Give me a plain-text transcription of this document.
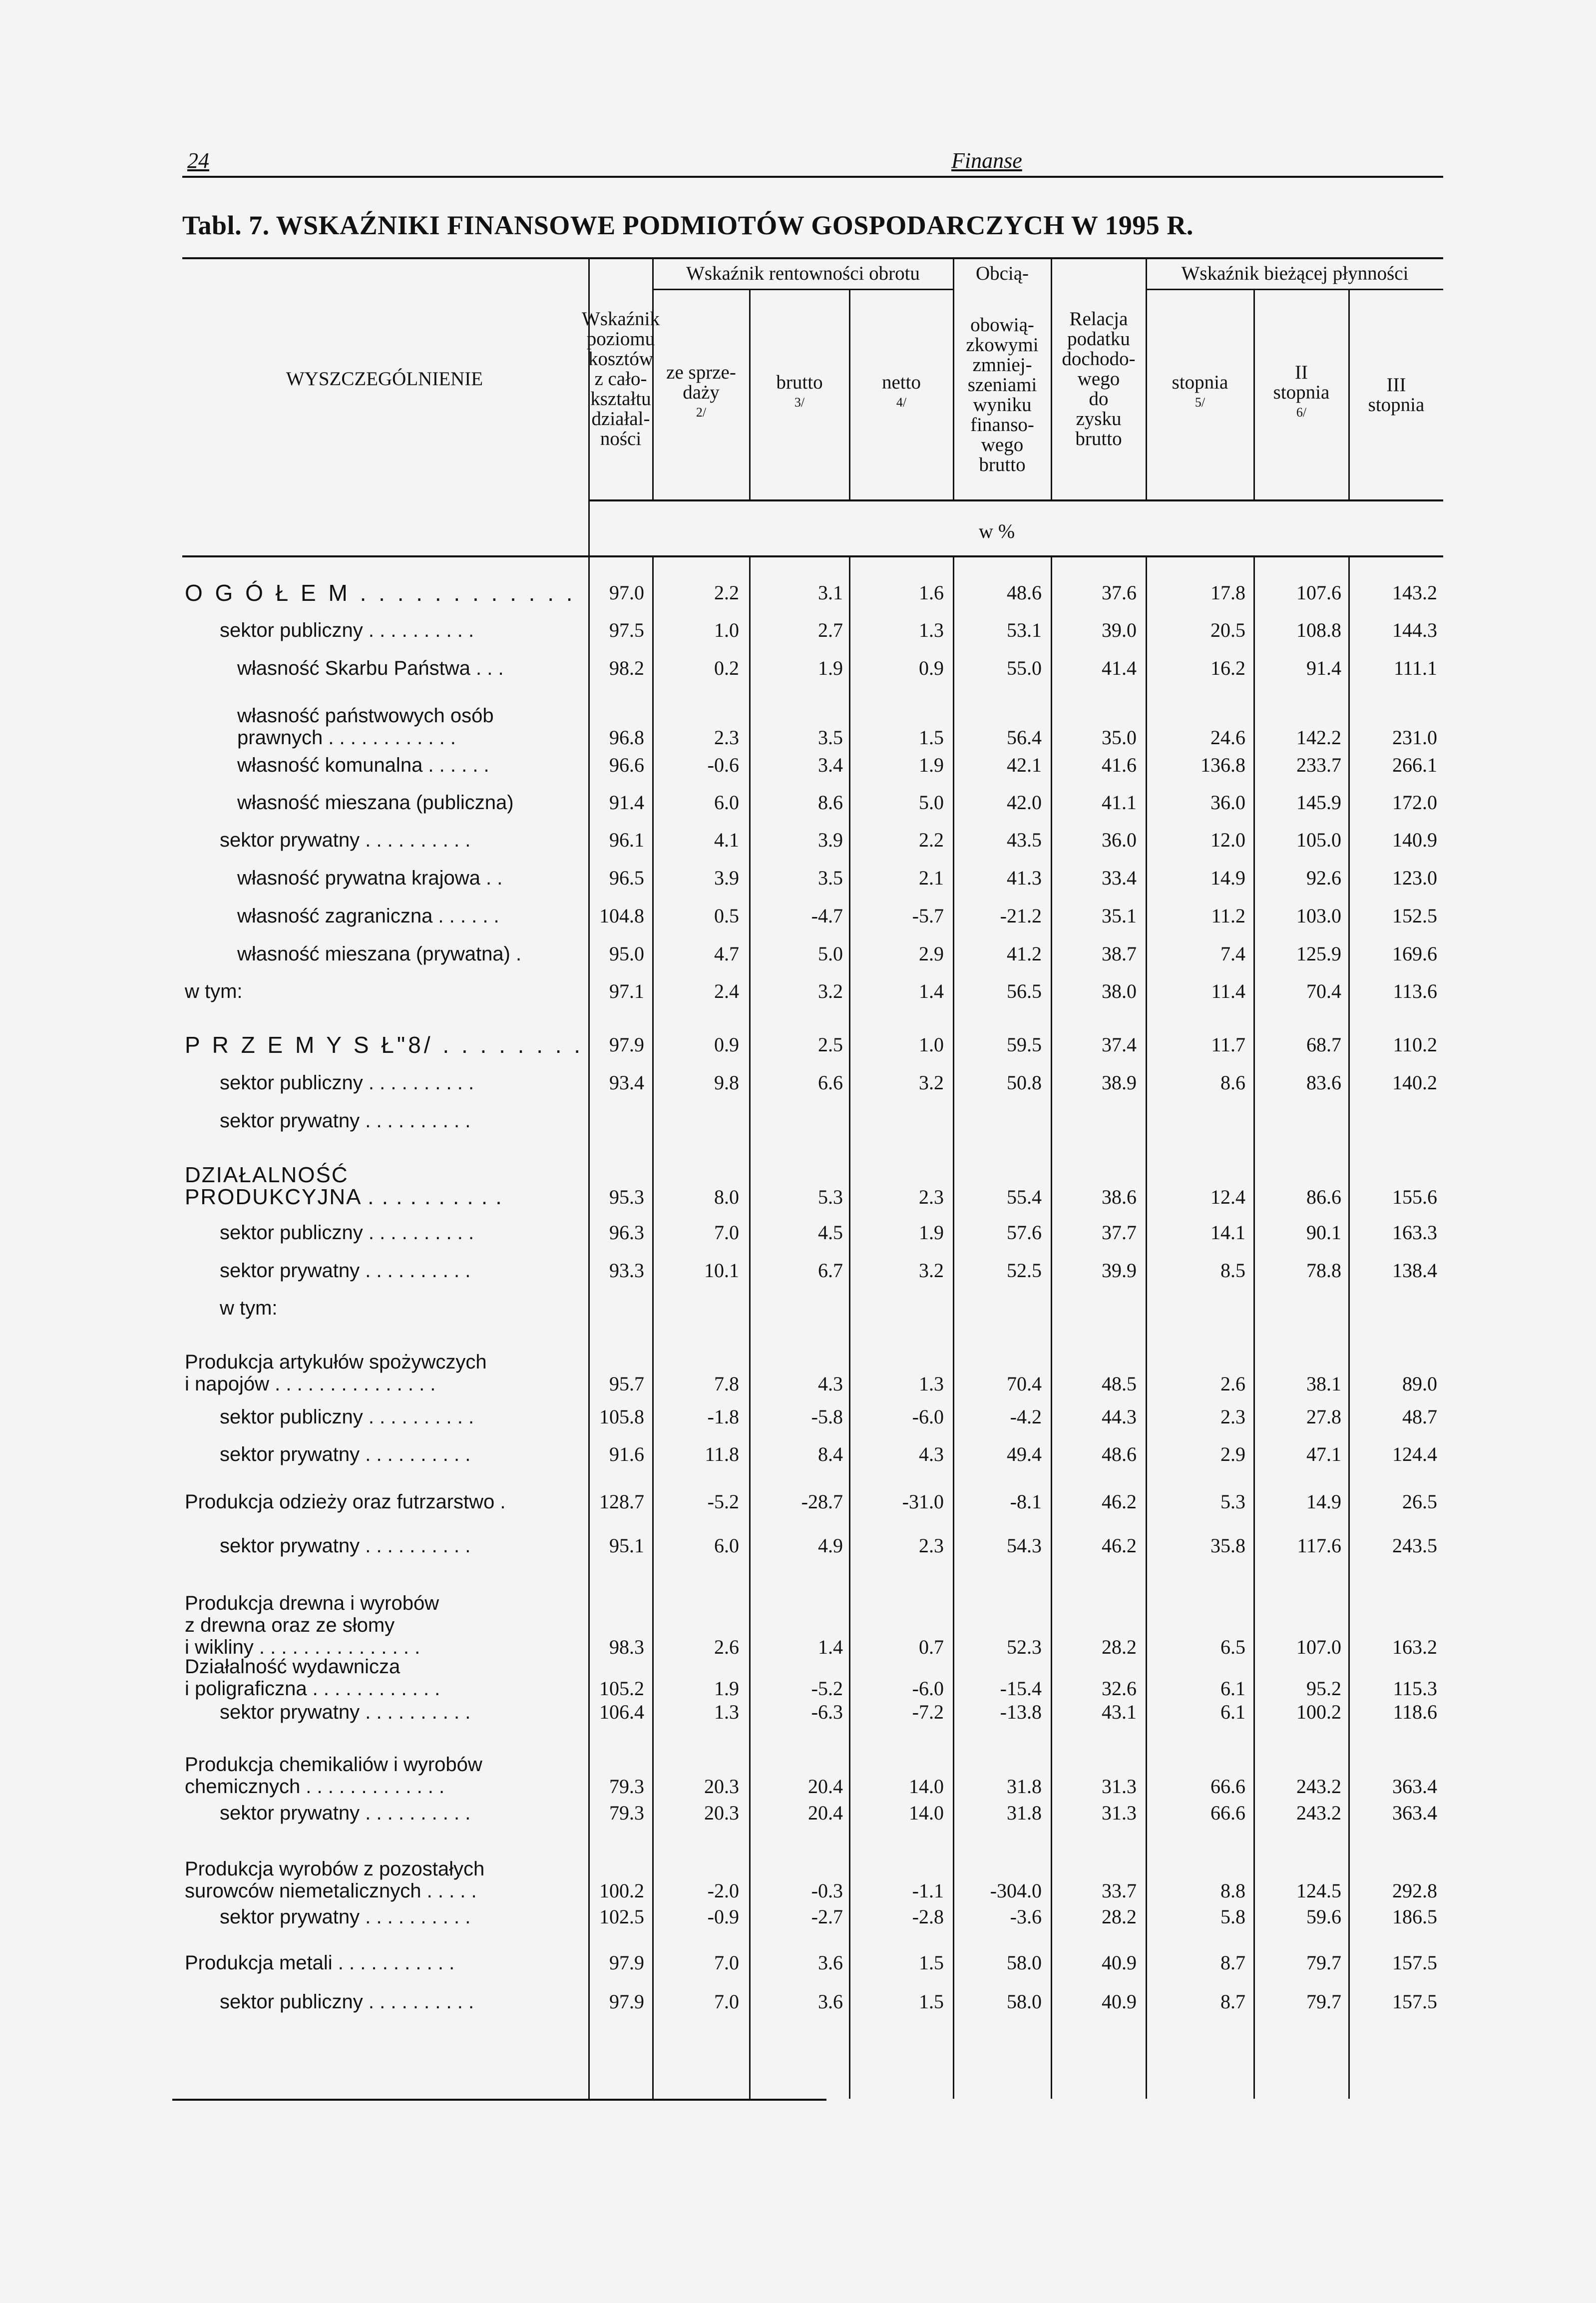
24	Finanse
Tabl. 7. WSKAŹNIKI FINANSOWE PODMIOTÓW GOSPODARCZYCH W 1995 R.
WYSZCZEGÓLNIENIE
Wskaźnik
poziomu
kosztów
z cało-
kształtu
działal-
ności
Wskaźnik rentowności obrotu
ze sprze-
daży
$^{2/}$
brutto
$^{3/}$
netto
$^{4/}$
Obcią-
obowią-
zkowymi
zmniej-
szeniami
wyniku
finanso-
wego
brutto
Relacja
podatku
dochodo-
wego
do
zysku
brutto
Wskaźnik bieżącej płynności
stopnia
$^{5/}$
II
stopnia
$^{6/}$
III
stopnia
w %
O G Ó Ł E M . . . . . . . . . . . . 97.0	2.2	3.1	1.6	48.6	37.6	17.8	107.6	143.2
sektor publiczny . . . . . . . . . .	97.5	1.0	2.7	1.3	53.1	39.0	20.5	108.8	144.3
własność Skarbu Państwa . . .	98.2	0.2	1.9	0.9	55.0	41.4	16.2	91.4	111.1
własność państwowych osób
prawnych . . . . . . . . . . . .	96.8	2.3	3.5	1.5	56.4	35.0	24.6	142.2	231.0
własność komunalna . . . . . .	96.6	-0.6	3.4	1.9	42.1	41.6	136.8	233.7	266.1
własność mieszana (publiczna)	91.4	6.0	8.6	5.0	42.0	41.1	36.0	145.9	172.0
sektor prywatny . . . . . . . . . .	96.1	4.1	3.9	2.2	43.5	36.0	12.0	105.0	140.9
własność prywatna krajowa . .	96.5	3.9	3.5	2.1	41.3	33.4	14.9	92.6	123.0
własność zagraniczna . . . . . .	104.8	0.5	-4.7	-5.7	-21.2	35.1	11.2	103.0	152.5
własność mieszana (prywatna) .	95.0	4.7	5.0	2.9	41.2	38.7	7.4	125.9	169.6
w tym:	97.1	2.4	3.2	1.4	56.5	38.0	11.4	70.4	113.6
P R Z E M Y S Ł"8/ . . . . . . . . 97.9	0.9	2.5	1.0	59.5	37.4	11.7	68.7	110.2
sektor publiczny . . . . . . . . . .	93.4	9.8	6.6	3.2	50.8	38.9	8.6	83.6	140.2
sektor prywatny . . . . . . . . . .
DZIAŁALNOŚĆ
PRODUKCYJNA . . . . . . . . . .	95.3	8.0	5.3	2.3	55.4	38.6	12.4	86.6	155.6
sektor publiczny . . . . . . . . . .	96.3	7.0	4.5	1.9	57.6	37.7	14.1	90.1	163.3
sektor prywatny . . . . . . . . . .	93.3	10.1	6.7	3.2	52.5	39.9	8.5	78.8	138.4
w tym:
Produkcja artykułów spożywczych
i napojów . . . . . . . . . . . . . . .	95.7	7.8	4.3	1.3	70.4	48.5	2.6	38.1	89.0
sektor publiczny . . . . . . . . . .	105.8	-1.8	-5.8	-6.0	-4.2	44.3	2.3	27.8	48.7
sektor prywatny . . . . . . . . . .	91.6	11.8	8.4	4.3	49.4	48.6	2.9	47.1	124.4
Produkcja odzieży oraz futrzarstwo .	128.7	-5.2	-28.7	-31.0	-8.1	46.2	5.3	14.9	26.5
sektor prywatny . . . . . . . . . .	95.1	6.0	4.9	2.3	54.3	46.2	35.8	117.6	243.5
Produkcja drewna i wyrobów
z drewna oraz ze słomy
i wikliny . . . . . . . . . . . . . . .	98.3	2.6	1.4	0.7	52.3	28.2	6.5	107.0	163.2
Działalność wydawnicza
i poligraficzna . . . . . . . . . . . .	105.2	1.9	-5.2	-6.0	-15.4	32.6	6.1	95.2	115.3
sektor prywatny . . . . . . . . . .	106.4	1.3	-6.3	-7.2	-13.8	43.1	6.1	100.2	118.6
Produkcja chemikaliów i wyrobów
chemicznych . . . . . . . . . . . . .	79.3	20.3	20.4	14.0	31.8	31.3	66.6	243.2	363.4
sektor prywatny . . . . . . . . . .	79.3	20.3	20.4	14.0	31.8	31.3	66.6	243.2	363.4
Produkcja wyrobów z pozostałych
surowców niemetalicznych . . . . .	100.2	-2.0	-0.3	-1.1 -304.0	33.7	8.8	124.5	292.8
sektor prywatny . . . . . . . . . .	102.5	-0.9	-2.7	-2.8	-3.6	28.2	5.8	59.6	186.5
Produkcja metali . . . . . . . . . . .	97.9	7.0	3.6	1.5	58.0	40.9	8.7	79.7	157.5
sektor publiczny . . . . . . . . . .	97.9	7.0	3.6	1.5	58.0	40.9	8.7	79.7	157.5
